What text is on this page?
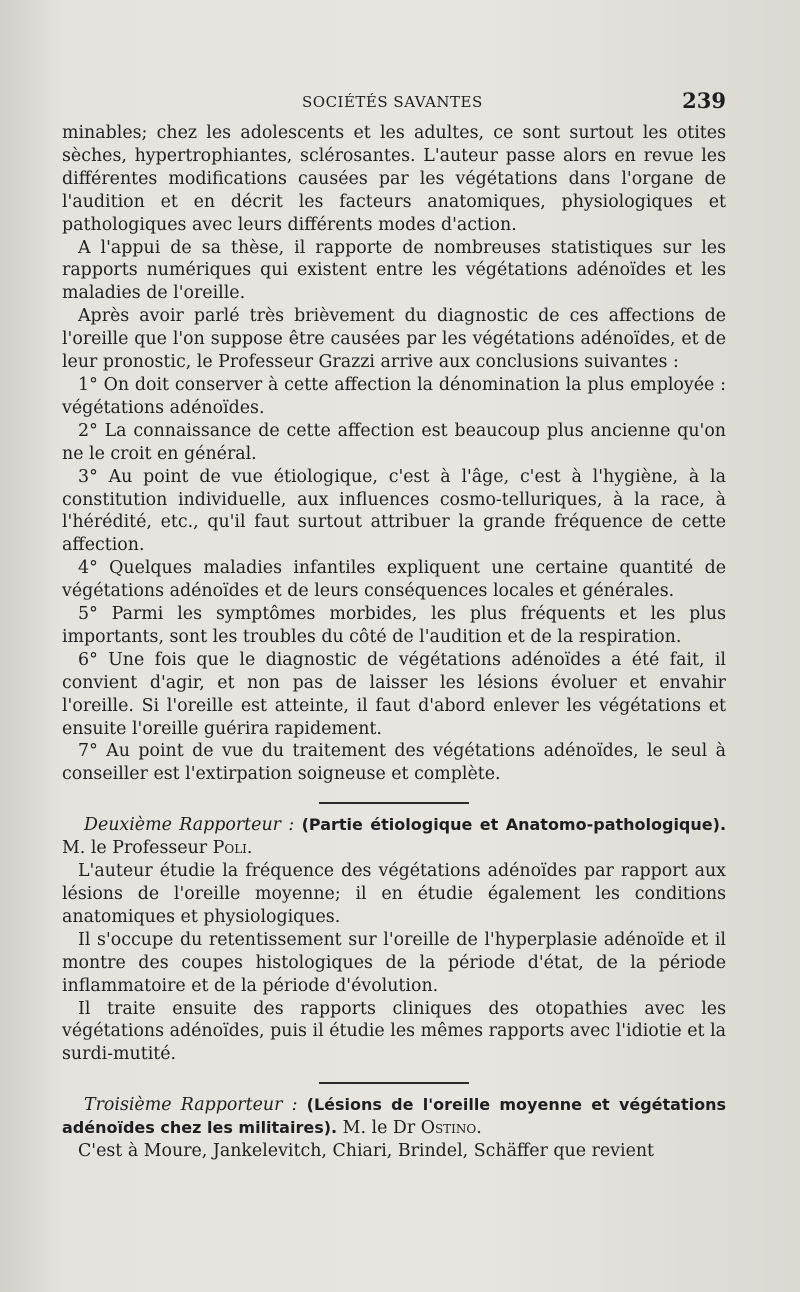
SOCIÉTÉS SAVANTES	239

minables; chez les adolescents et les adultes, ce sont surtout les otites sèches, hypertrophiantes, sclérosantes. L'auteur passe alors en revue les différentes modifications causées par les végétations dans l'organe de l'audition et en décrit les facteurs anatomiques, physiologiques et pathologiques avec leurs différents modes d'action.

A l'appui de sa thèse, il rapporte de nombreuses statistiques sur les rapports numériques qui existent entre les végétations adénoïdes et les maladies de l'oreille.

Après avoir parlé très brièvement du diagnostic de ces affections de l'oreille que l'on suppose être causées par les végétations adénoïdes, et de leur pronostic, le Professeur Grazzi arrive aux conclusions suivantes :

1° On doit conserver à cette affection la dénomination la plus employée : végétations adénoïdes.

2° La connaissance de cette affection est beaucoup plus ancienne qu'on ne le croit en général.

3° Au point de vue étiologique, c'est à l'âge, c'est à l'hygiène, à la constitution individuelle, aux influences cosmo-telluriques, à la race, à l'hérédité, etc., qu'il faut surtout attribuer la grande fréquence de cette affection.

4° Quelques maladies infantiles expliquent une certaine quantité de végétations adénoïdes et de leurs conséquences locales et générales.

5° Parmi les symptômes morbides, les plus fréquents et les plus importants, sont les troubles du côté de l'audition et de la respiration.

6° Une fois que le diagnostic de végétations adénoïdes a été fait, il convient d'agir, et non pas de laisser les lésions évoluer et envahir l'oreille. Si l'oreille est atteinte, il faut d'abord enlever les végétations et ensuite l'oreille guérira rapidement.

7° Au point de vue du traitement des végétations adénoïdes, le seul à conseiller est l'extirpation soigneuse et complète.

Deuxième Rapporteur : (Partie étiologique et Anatomo-pathologique). M. le Professeur Poli.

L'auteur étudie la fréquence des végétations adénoïdes par rapport aux lésions de l'oreille moyenne; il en étudie également les conditions anatomiques et physiologiques.

Il s'occupe du retentissement sur l'oreille de l'hyperplasie adénoïde et il montre des coupes histologiques de la période d'état, de la période inflammatoire et de la période d'évolution.

Il traite ensuite des rapports cliniques des otopathies avec les végétations adénoïdes, puis il étudie les mêmes rapports avec l'idiotie et la surdi-mutité.

Troisième Rapporteur : (Lésions de l'oreille moyenne et végétations adénoïdes chez les militaires). M. le Dr Ostino.

C'est à Moure, Jankelevitch, Chiari, Brindel, Schäffer que revient
